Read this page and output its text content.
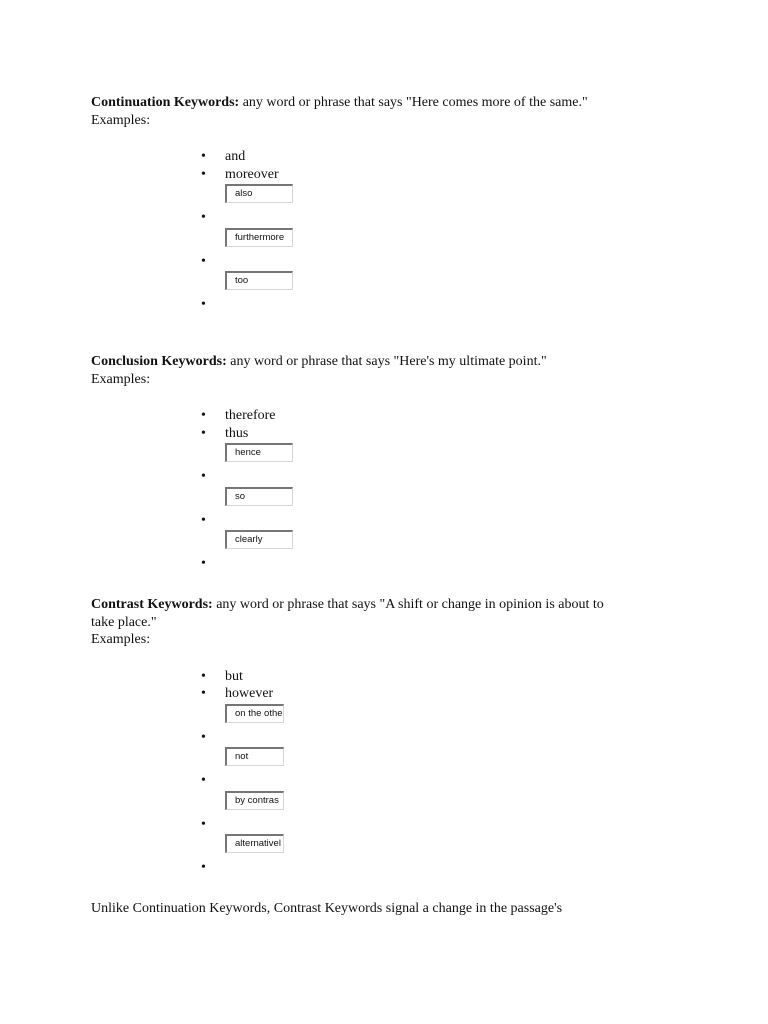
Continuation Keywords: any word or phrase that says "Here comes more of the same."

Examples:

• and
• moreover
also
•
furthermore
•
too
•

Conclusion Keywords: any word or phrase that says "Here's my ultimate point."

Examples:

• therefore
• thus
hence
•
so
•
clearly
•

Contrast Keywords: any word or phrase that says "A shift or change in opinion is about to take place."

Examples:

• but
• however
on the othe
•
not
•
by contras
•
alternativel
•

Unlike Continuation Keywords, Contrast Keywords signal a change in the passage's
